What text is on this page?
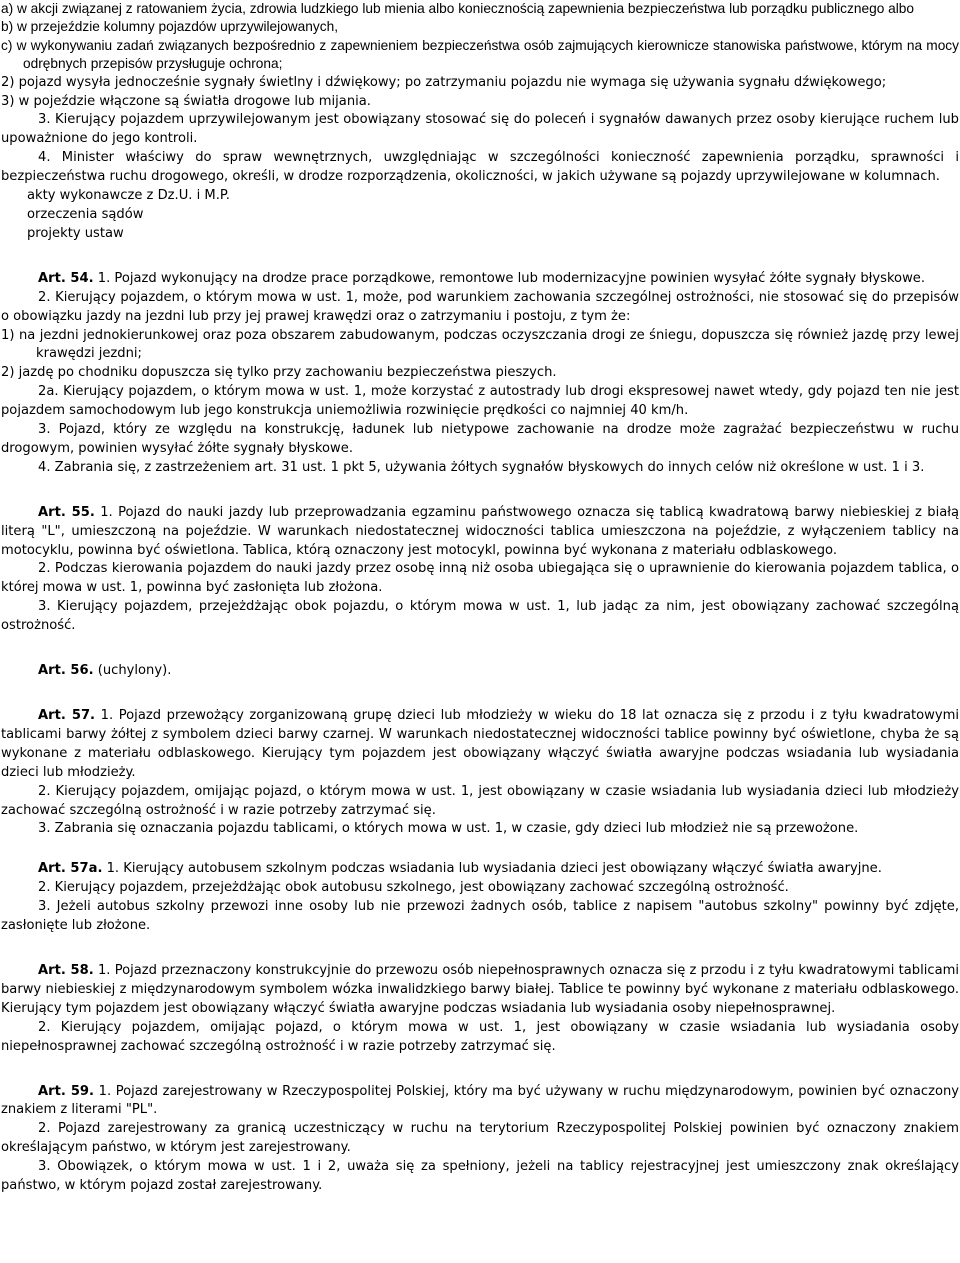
a) w akcji związanej z ratowaniem życia, zdrowia ludzkiego lub mienia albo koniecznością zapewnienia bezpieczeństwa lub porządku publicznego albo
b) w przejeździe kolumny pojazdów uprzywilejowanych,
c) w wykonywaniu zadań związanych bezpośrednio z zapewnieniem bezpieczeństwa osób zajmujących kierownicze stanowiska państwowe, którym na mocy odrębnych przepisów przysługuje ochrona;
2) pojazd wysyła jednocześnie sygnały świetlny i dźwiękowy; po zatrzymaniu pojazdu nie wymaga się używania sygnału dźwiękowego;
3) w pojeździe włączone są światła drogowe lub mijania.
3. Kierujący pojazdem uprzywilejowanym jest obowiązany stosować się do poleceń i sygnałów dawanych przez osoby kierujące ruchem lub upoważnione do jego kontroli.
4. Minister właściwy do spraw wewnętrznych, uwzględniając w szczególności konieczność zapewnienia porządku, sprawności i bezpieczeństwa ruchu drogowego, określi, w drodze rozporządzenia, okoliczności, w jakich używane są pojazdy uprzywilejowane w kolumnach.
akty wykonawcze z Dz.U. i M.P.
orzeczenia sądów
projekty ustaw
Art. 54. 1. Pojazd wykonujący na drodze prace porządkowe, remontowe lub modernizacyjne powinien wysyłać żółte sygnały błyskowe.
2. Kierujący pojazdem, o którym mowa w ust. 1, może, pod warunkiem zachowania szczególnej ostrożności, nie stosować się do przepisów o obowiązku jazdy na jezdni lub przy jej prawej krawędzi oraz o zatrzymaniu i postoju, z tym że:
1) na jezdni jednokierunkowej oraz poza obszarem zabudowanym, podczas oczyszczania drogi ze śniegu, dopuszcza się również jazdę przy lewej krawędzi jezdni;
2) jazdę po chodniku dopuszcza się tylko przy zachowaniu bezpieczeństwa pieszych.
2a. Kierujący pojazdem, o którym mowa w ust. 1, może korzystać z autostrady lub drogi ekspresowej nawet wtedy, gdy pojazd ten nie jest pojazdem samochodowym lub jego konstrukcja uniemożliwia rozwinięcie prędkości co najmniej 40 km/h.
3. Pojazd, który ze względu na konstrukcję, ładunek lub nietypowe zachowanie na drodze może zagrażać bezpieczeństwu w ruchu drogowym, powinien wysyłać żółte sygnały błyskowe.
4. Zabrania się, z zastrzeżeniem art. 31 ust. 1 pkt 5, używania żółtych sygnałów błyskowych do innych celów niż określone w ust. 1 i 3.
Art. 55. 1. Pojazd do nauki jazdy lub przeprowadzania egzaminu państwowego oznacza się tablicą kwadratową barwy niebieskiej z białą literą "L", umieszczoną na pojeździe. W warunkach niedostatecznej widoczności tablica umieszczona na pojeździe, z wyłączeniem tablicy na motocyklu, powinna być oświetlona. Tablica, którą oznaczony jest motocykl, powinna być wykonana z materiału odblaskowego.
2. Podczas kierowania pojazdem do nauki jazdy przez osobę inną niż osoba ubiegająca się o uprawnienie do kierowania pojazdem tablica, o której mowa w ust. 1, powinna być zasłonięta lub złożona.
3. Kierujący pojazdem, przejeżdżając obok pojazdu, o którym mowa w ust. 1, lub jadąc za nim, jest obowiązany zachować szczególną ostrożność.
Art. 56. (uchylony).
Art. 57. 1. Pojazd przewożący zorganizowaną grupę dzieci lub młodzieży w wieku do 18 lat oznacza się z przodu i z tyłu kwadratowymi tablicami barwy żółtej z symbolem dzieci barwy czarnej. W warunkach niedostatecznej widoczności tablice powinny być oświetlone, chyba że są wykonane z materiału odblaskowego. Kierujący tym pojazdem jest obowiązany włączyć światła awaryjne podczas wsiadania lub wysiadania dzieci lub młodzieży.
2. Kierujący pojazdem, omijając pojazd, o którym mowa w ust. 1, jest obowiązany w czasie wsiadania lub wysiadania dzieci lub młodzieży zachować szczególną ostrożność i w razie potrzeby zatrzymać się.
3. Zabrania się oznaczania pojazdu tablicami, o których mowa w ust. 1, w czasie, gdy dzieci lub młodzież nie są przewożone.
Art. 57a. 1. Kierujący autobusem szkolnym podczas wsiadania lub wysiadania dzieci jest obowiązany włączyć światła awaryjne.
2. Kierujący pojazdem, przejeżdżając obok autobusu szkolnego, jest obowiązany zachować szczególną ostrożność.
3. Jeżeli autobus szkolny przewozi inne osoby lub nie przewozi żadnych osób, tablice z napisem "autobus szkolny" powinny być zdjęte, zasłonięte lub złożone.
Art. 58. 1. Pojazd przeznaczony konstrukcyjnie do przewozu osób niepełnosprawnych oznacza się z przodu i z tyłu kwadratowymi tablicami barwy niebieskiej z międzynarodowym symbolem wózka inwalidzkiego barwy białej. Tablice te powinny być wykonane z materiału odblaskowego. Kierujący tym pojazdem jest obowiązany włączyć światła awaryjne podczas wsiadania lub wysiadania osoby niepełnosprawnej.
2. Kierujący pojazdem, omijając pojazd, o którym mowa w ust. 1, jest obowiązany w czasie wsiadania lub wysiadania osoby niepełnosprawnej zachować szczególną ostrożność i w razie potrzeby zatrzymać się.
Art. 59. 1. Pojazd zarejestrowany w Rzeczypospolitej Polskiej, który ma być używany w ruchu międzynarodowym, powinien być oznaczony znakiem z literami "PL".
2. Pojazd zarejestrowany za granicą uczestniczący w ruchu na terytorium Rzeczypospolitej Polskiej powinien być oznaczony znakiem określającym państwo, w którym jest zarejestrowany.
3. Obowiązek, o którym mowa w ust. 1 i 2, uważa się za spełniony, jeżeli na tablicy rejestracyjnej jest umieszczony znak określający państwo, w którym pojazd został zarejestrowany.
